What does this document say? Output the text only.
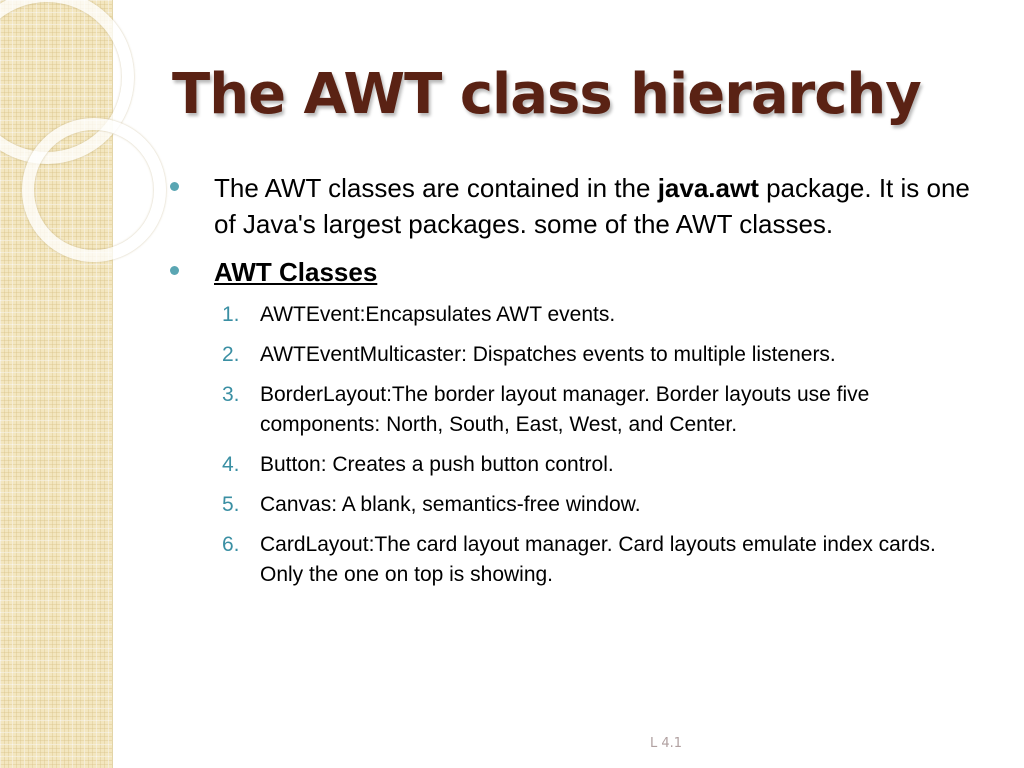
The AWT class hierarchy
The AWT classes are contained in the java.awt package. It is one of Java's largest packages. some of the AWT classes.
AWT Classes
1. AWTEvent:Encapsulates AWT events.
2. AWTEventMulticaster: Dispatches events to multiple listeners.
3. BorderLayout:The border layout manager. Border layouts use five components: North, South, East, West, and Center.
4. Button: Creates a push button control.
5. Canvas: A blank, semantics-free window.
6. CardLayout:The card layout manager. Card layouts emulate index cards. Only the one on top is showing.
L 4.1
